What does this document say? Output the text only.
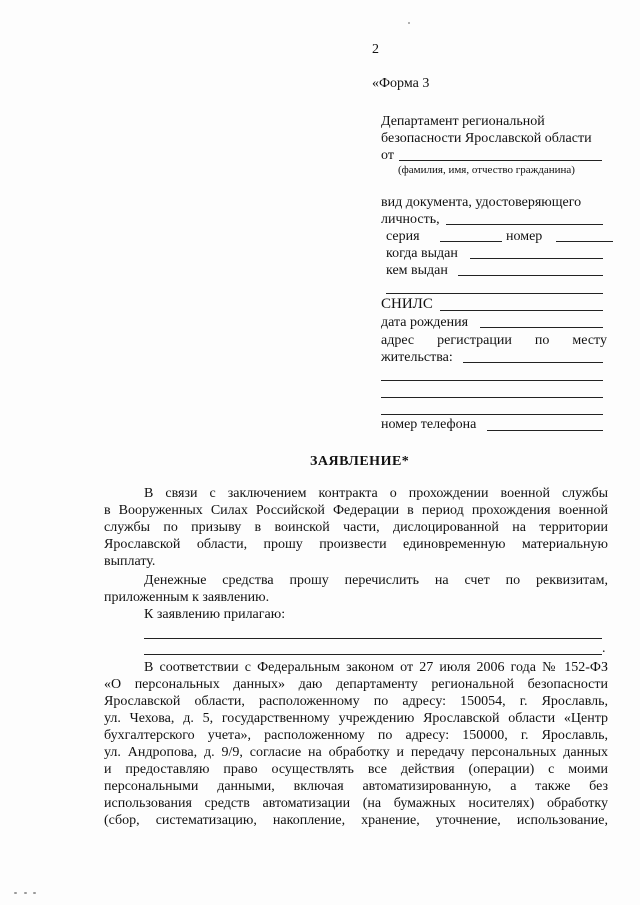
2
«Форма 3
Департамент региональной
безопасности Ярославской области
от
(фамилия, имя, отчество гражданина)
вид документа, удостоверяющего
личность,
серия	номер
когда выдан
кем выдан
СНИЛС
дата рождения
адрес регистрации по месту
жительства:
номер телефона
ЗАЯВЛЕНИЕ*
В связи с заключением контракта о прохождении военной службы
в Вооруженных Силах Российской Федерации в период прохождения военной
службы по призыву в воинской части, дислоцированной на территории
Ярославской области, прошу произвести единовременную материальную
выплату.
Денежные средства прошу перечислить на счет по реквизитам,
приложенным к заявлению.
К заявлению прилагаю:
.
В соответствии с Федеральным законом от 27 июля 2006 года № 152-ФЗ
«О персональных данных» даю департаменту региональной безопасности
Ярославской области, расположенному по адресу: 150054, г. Ярославль,
ул. Чехова, д. 5, государственному учреждению Ярославской области «Центр
бухгалтерского учета», расположенному по адресу: 150000, г. Ярославль,
ул. Андропова, д. 9/9, согласие на обработку и передачу персональных данных
и предоставляю право осуществлять все действия (операции) с моими
персональными данными, включая автоматизированную, а также без
использования средств автоматизации (на бумажных носителях) обработку
(сбор, систематизацию, накопление, хранение, уточнение, использование,
